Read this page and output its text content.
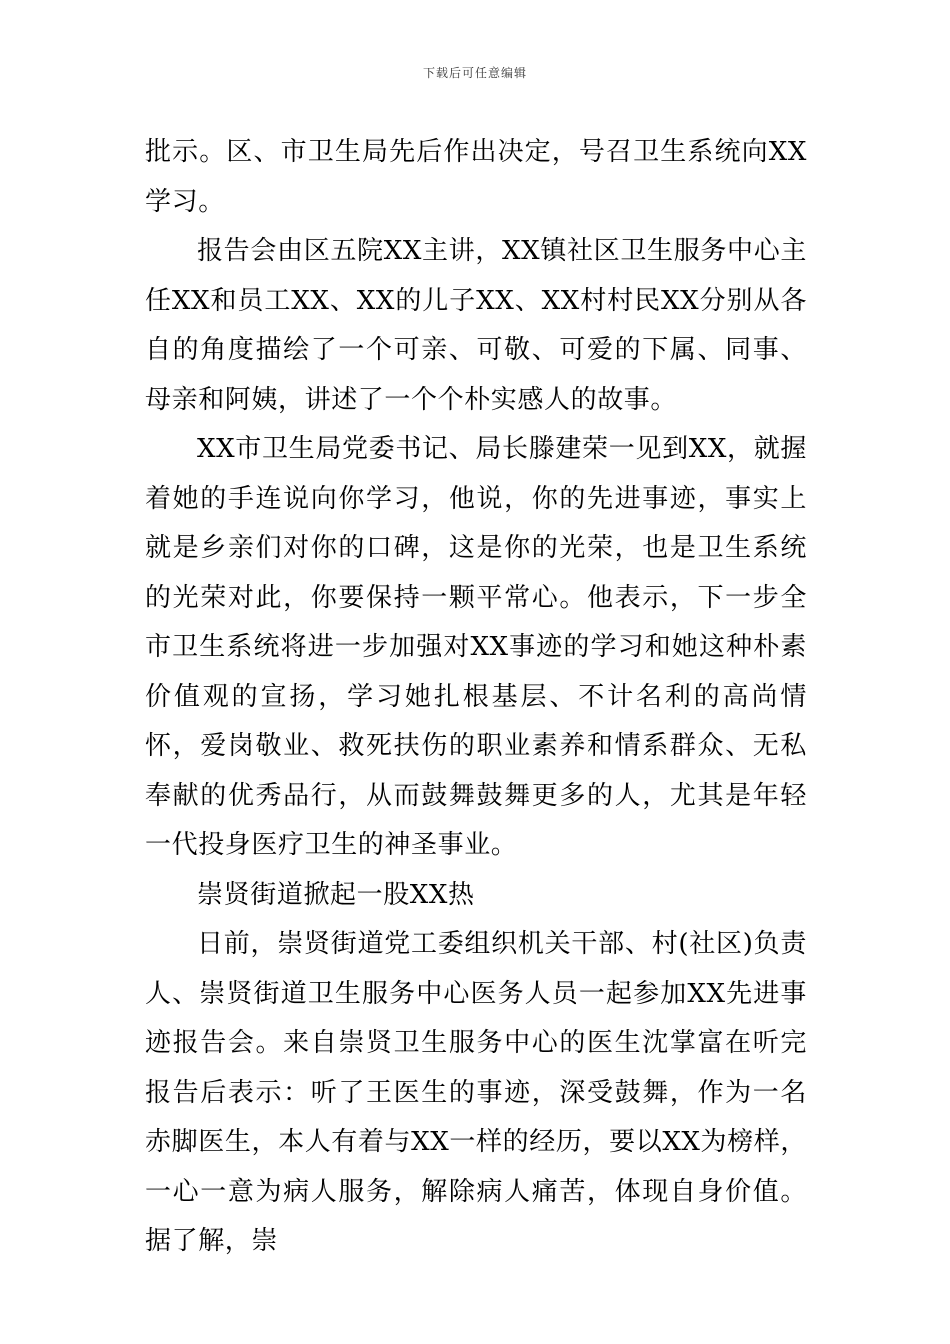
下载后可任意编辑

批示。区、市卫生局先后作出决定，号召卫生系统向XX学习。

报告会由区五院XX主讲，XX镇社区卫生服务中心主任XX和员工XX、XX的儿子XX、XX村村民XX分别从各自的角度描绘了一个可亲、可敬、可爱的下属、同事、母亲和阿姨，讲述了一个个朴实感人的故事。

XX市卫生局党委书记、局长滕建荣一见到XX，就握着她的手连说向你学习，他说，你的先进事迹，事实上就是乡亲们对你的口碑，这是你的光荣，也是卫生系统的光荣对此，你要保持一颗平常心。他表示，下一步全市卫生系统将进一步加强对XX事迹的学习和她这种朴素价值观的宣扬，学习她扎根基层、不计名利的高尚情怀，爱岗敬业、救死扶伤的职业素养和情系群众、无私奉献的优秀品行，从而鼓舞鼓舞更多的人，尤其是年轻一代投身医疗卫生的神圣事业。

崇贤街道掀起一股XX热

日前，崇贤街道党工委组织机关干部、村(社区)负责人、崇贤街道卫生服务中心医务人员一起参加XX先进事迹报告会。来自崇贤卫生服务中心的医生沈掌富在听完报告后表示：听了王医生的事迹，深受鼓舞，作为一名赤脚医生，本人有着与XX一样的经历，要以XX为榜样，一心一意为病人服务，解除病人痛苦，体现自身价值。据了解，崇
